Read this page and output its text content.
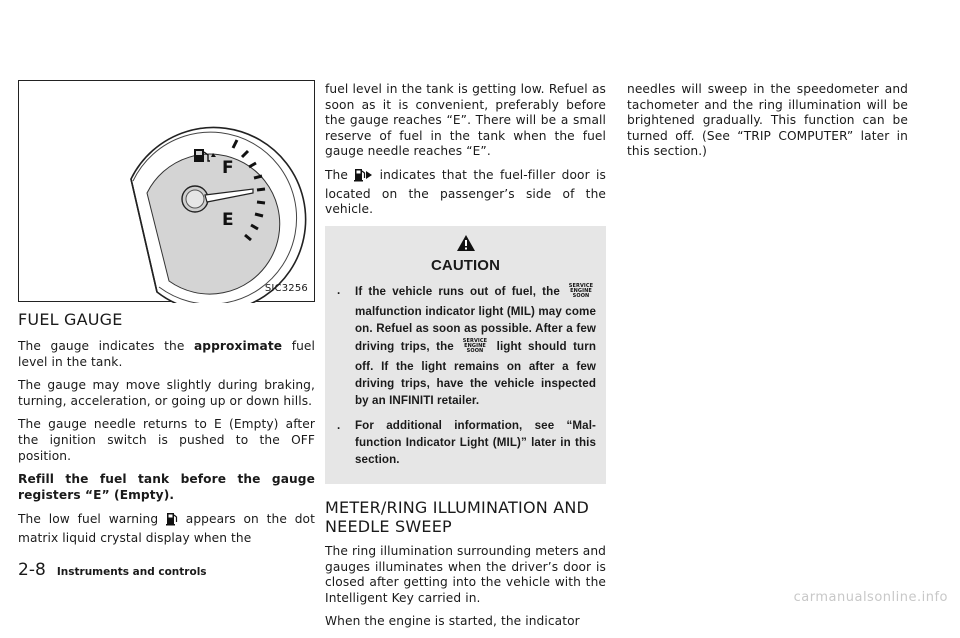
F
E
SIC3256
FUEL GAUGE

The gauge indicates the approximate fuel level in the tank.

The gauge may move slightly during braking, turning, acceleration, or going up or down hills.

The gauge needle returns to E (Empty) after the ignition switch is pushed to the OFF position.

Refill the fuel tank before the gauge registers “E” (Empty).

The low fuel warning  appears on the dot matrix liquid crystal display when the

fuel level in the tank is getting low. Refuel as soon as it is convenient, preferably before the gauge reaches “E”. There will be a small reserve of fuel in the tank when the fuel gauge needle reaches “E”.

The  indicates that the fuel-filler door is located on the passenger’s side of the vehicle.

CAUTION
. If the vehicle runs out of fuel, the SERVICE
ENGINE
SOON
malfunction indicator light (MIL) may come on. Refuel as soon as possible. After a few driving trips, the SERVICE
ENGINE
SOON light should turn off. If the light remains on after a few driving trips, have the vehicle inspected by an INFINITI retailer.
. For additional information, see “Mal-function Indicator Light (MIL)” later in this section.
METER/RING ILLUMINATION AND
NEEDLE SWEEP

The ring illumination surrounding meters and gauges illuminates when the driver’s door is closed after getting into the vehicle with the Intelligent Key carried in.

When the engine is started, the indicator

needles will sweep in the speedometer and tachometer and the ring illumination will be brightened gradually. This function can be turned off. (See “TRIP COMPUTER” later in this section.)

2-8 Instruments and controls
carmanualsonline.info
